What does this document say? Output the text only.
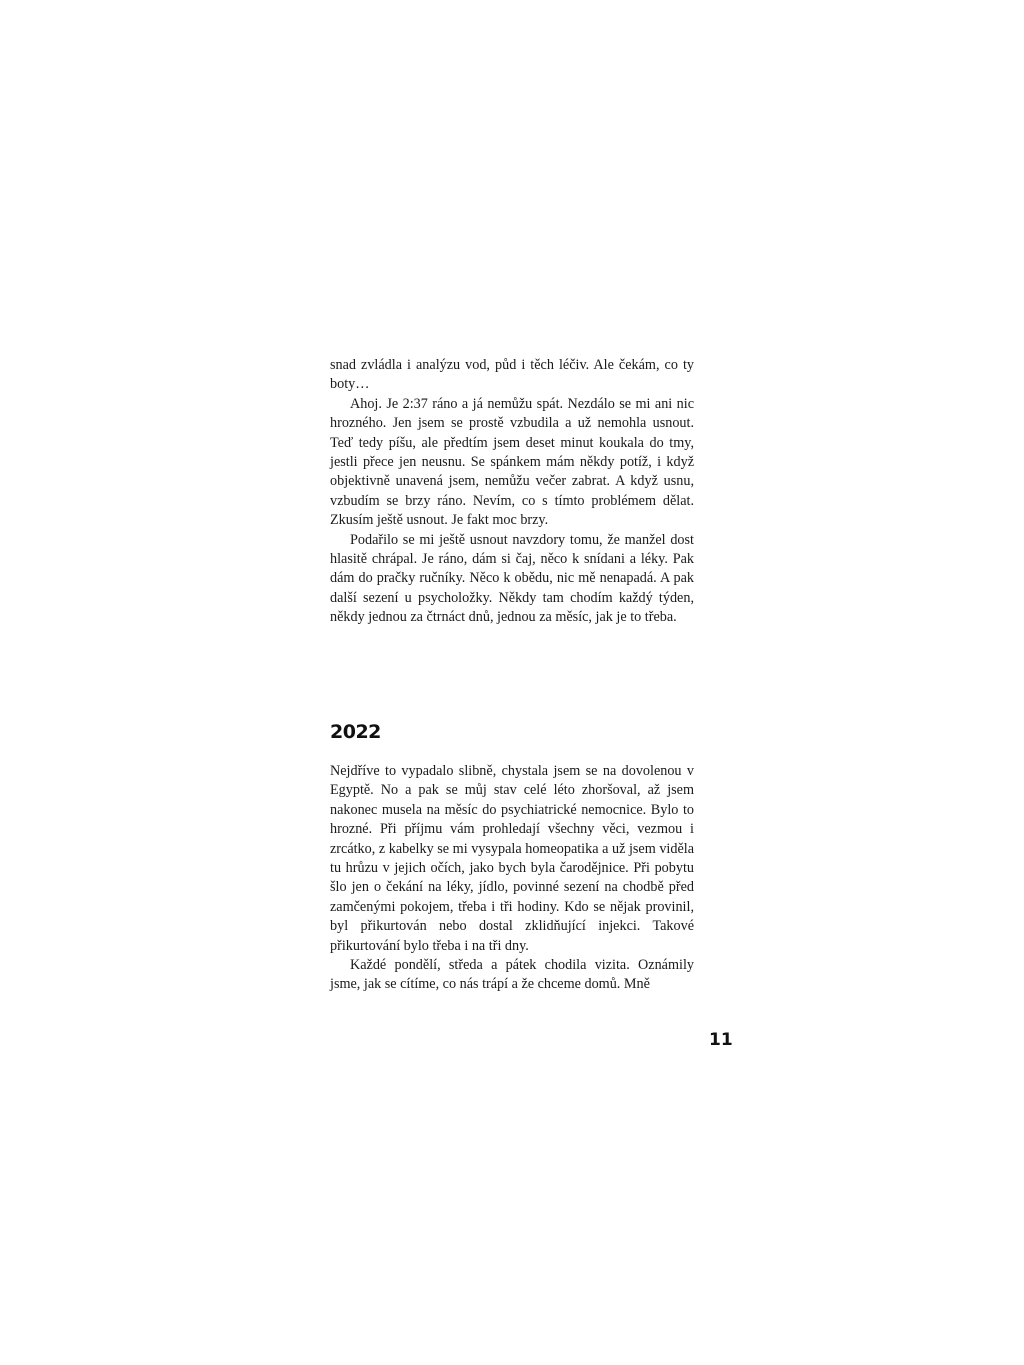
snad zvládla i analýzu vod, půd i těch léčiv. Ale čekám, co ty boty…

Ahoj. Je 2:37 ráno a já nemůžu spát. Nezdálo se mi ani nic hrozného. Jen jsem se prostě vzbudila a už nemohla usnout. Teď tedy píšu, ale předtím jsem deset minut koukala do tmy, jestli přece jen neusnu. Se spánkem mám někdy potíž, i když objektivně unavená jsem, nemůžu večer zabrat. A když usnu, vzbudím se brzy ráno. Nevím, co s tímto problémem dělat. Zkusím ještě usnout. Je fakt moc brzy.

Podařilo se mi ještě usnout navzdory tomu, že manžel dost hlasitě chrápal. Je ráno, dám si čaj, něco k snídani a léky. Pak dám do pračky ručníky. Něco k obědu, nic mě nenapadá. A pak další sezení u psycholožky. Někdy tam chodím každý týden, někdy jednou za čtrnáct dnů, jednou za měsíc, jak je to třeba.

2022

Nejdříve to vypadalo slibně, chystala jsem se na dovolenou v Egyptě. No a pak se můj stav celé léto zhoršoval, až jsem nakonec musela na měsíc do psychiatrické nemocnice. Bylo to hrozné. Při příjmu vám prohledají všechny věci, vezmou i zrcátko, z kabelky se mi vysypala homeopatika a už jsem viděla tu hrůzu v jejich očích, jako bych byla čarodějnice. Při pobytu šlo jen o čekání na léky, jídlo, povinné sezení na chodbě před zamčenými pokojem, třeba i tři hodiny. Kdo se nějak provinil, byl přikurtován nebo dostal zklidňující injekci. Takové přikurtování bylo třeba i na tři dny.

Každé pondělí, středa a pátek chodila vizita. Oznámily jsme, jak se cítíme, co nás trápí a že chceme domů. Mně

11
